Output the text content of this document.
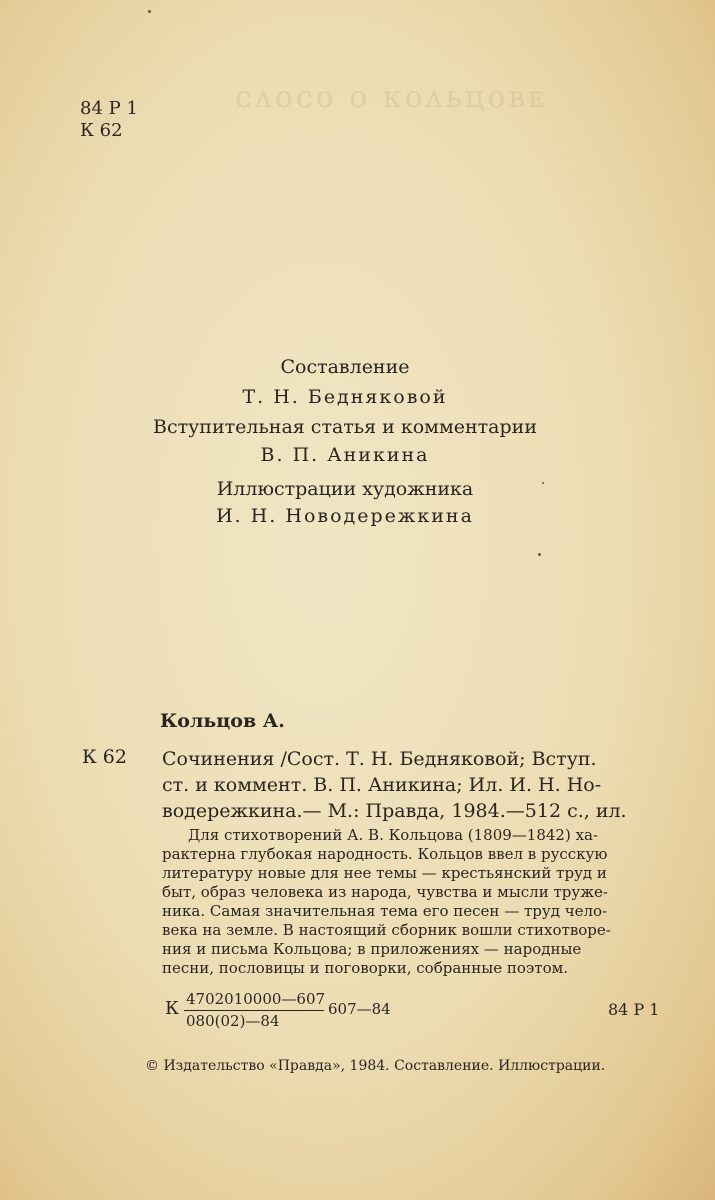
ᴄᴧᴏᴄᴏ ᴏ ᴋᴏᴧьцᴏʙᴇ
84 Р 1
К 62
Составление
Т. Н. Бедняковой
Вступительная статья и комментарии
В. П. Аникина
Иллюстрации художника
И. Н. Новодережкина
Кольцов А.
К 62 Сочинения /Сост. Т. Н. Бедняковой; Вступ.
ст. и коммент. В. П. Аникина; Ил. И. Н. Но-
водережкина.— М.: Правда, 1984.—512 с., ил.
Для стихотворений А. В. Кольцова (1809—1842) ха-
рактерна глубокая народность. Кольцов ввел в русскую
литературу новые для нее темы — крестьянский труд и
быт, образ человека из народа, чувства и мысли труже-
ника. Самая значительная тема его песен — труд чело-
века на земле. В настоящий сборник вошли стихотворе-
ния и письма Кольцова; в приложениях — народные
песни, пословицы и поговорки, собранные поэтом.
К 4702010000—607
080(02)—84
607—84	84 Р 1
© Издательство «Правда», 1984. Составление. Иллюстрации.
